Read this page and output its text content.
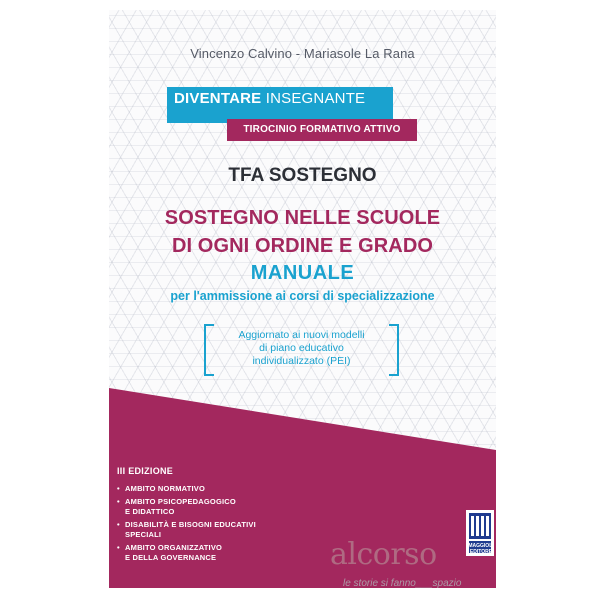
Vincenzo Calvino - Mariasole La Rana
DIVENTARE INSEGNANTE
TIROCINIO FORMATIVO ATTIVO
TFA SOSTEGNO
SOSTEGNO NELLE SCUOLE
DI OGNI ORDINE E GRADO
MANUALE
per l'ammissione ai corsi di specializzazione
Aggiornato ai nuovi modelli
di piano educativo
individualizzato (PEI)
III EDIZIONE
• AMBITO NORMATIVO
• AMBITO PSICOPEDAGOGICO
E DIDATTICO
• DISABILITÀ E BISOGNI EDUCATIVI
SPECIALI
• AMBITO ORGANIZZATIVO
E DELLA GOVERNANCE
MAGGIOLI EDITORE
alcorso
le storie si fanno___spazio
